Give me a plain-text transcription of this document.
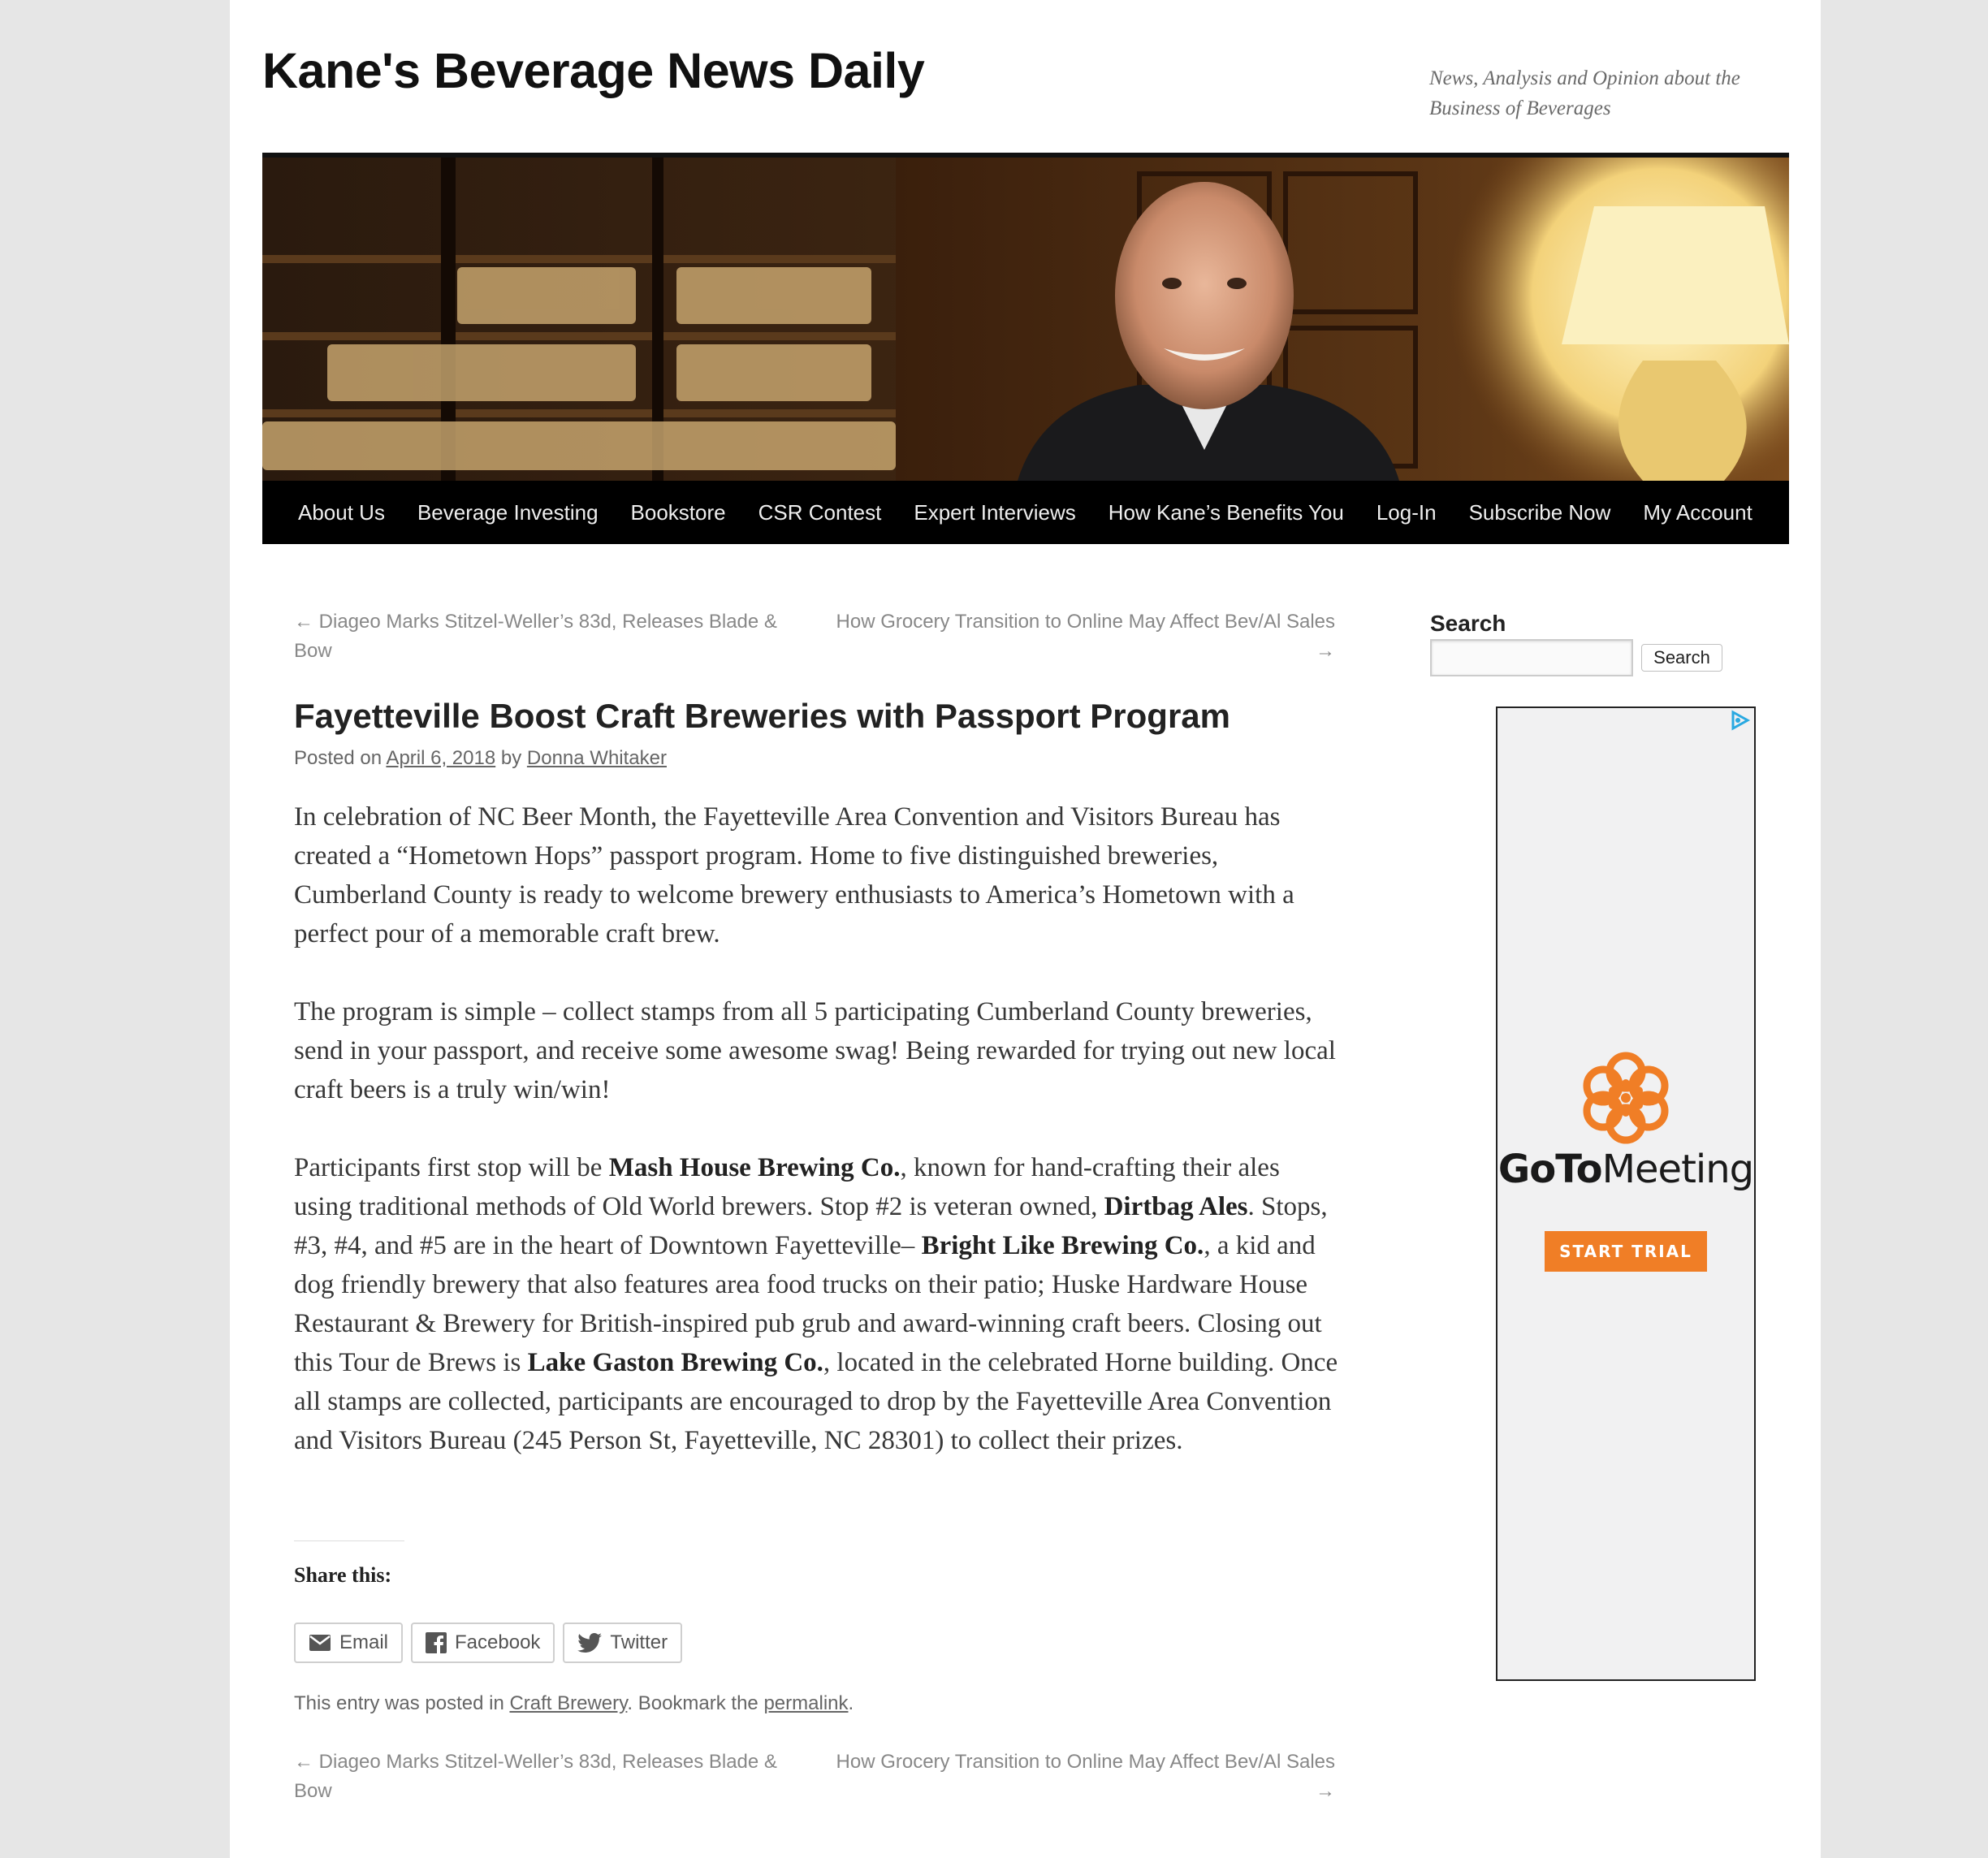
Kane's Beverage News Daily	News, Analysis and Opinion about the Business of Beverages

About Us	Beverage Investing	Bookstore	CSR Contest	Expert Interviews	How Kane’s Benefits You	Log-In	Subscribe Now	My Account
← Diageo Marks Stitzel-Weller’s 83d, Releases Blade & Bow
How Grocery Transition to Online May Affect Bev/Al Sales →
Fayetteville Boost Craft Breweries with Passport Program
Posted on April 6, 2018 by Donna Whitaker

In celebration of NC Beer Month, the Fayetteville Area Convention and Visitors Bureau has created a “Hometown Hops” passport program. Home to five distinguished breweries, Cumberland County is ready to welcome brewery enthusiasts to America’s Hometown with a perfect pour of a memorable craft brew.

The program is simple – collect stamps from all 5 participating Cumberland County breweries, send in your passport, and receive some awesome swag! Being rewarded for trying out new local craft beers is a truly win/win!

Participants first stop will be Mash House Brewing Co., known for hand-crafting their ales using traditional methods of Old World brewers. Stop #2 is veteran owned, Dirtbag Ales. Stops, #3, #4, and #5 are in the heart of Downtown Fayetteville– Bright Like Brewing Co., a kid and dog friendly brewery that also features area food trucks on their patio; Huske Hardware House Restaurant & Brewery for British-inspired pub grub and award-winning craft beers. Closing out this Tour de Brews is Lake Gaston Brewing Co., located in the celebrated Horne building. Once all stamps are collected, participants are encouraged to drop by the Fayetteville Area Convention and Visitors Bureau (245 Person St, Fayetteville, NC 28301) to collect their prizes.

Share this:
Email	Facebook	Twitter
This entry was posted in Craft Brewery. Bookmark the permalink.
← Diageo Marks Stitzel-Weller’s 83d, Releases Blade & Bow
How Grocery Transition to Online May Affect Bev/Al Sales →
Search
Search
GoToMeeting
START TRIAL
